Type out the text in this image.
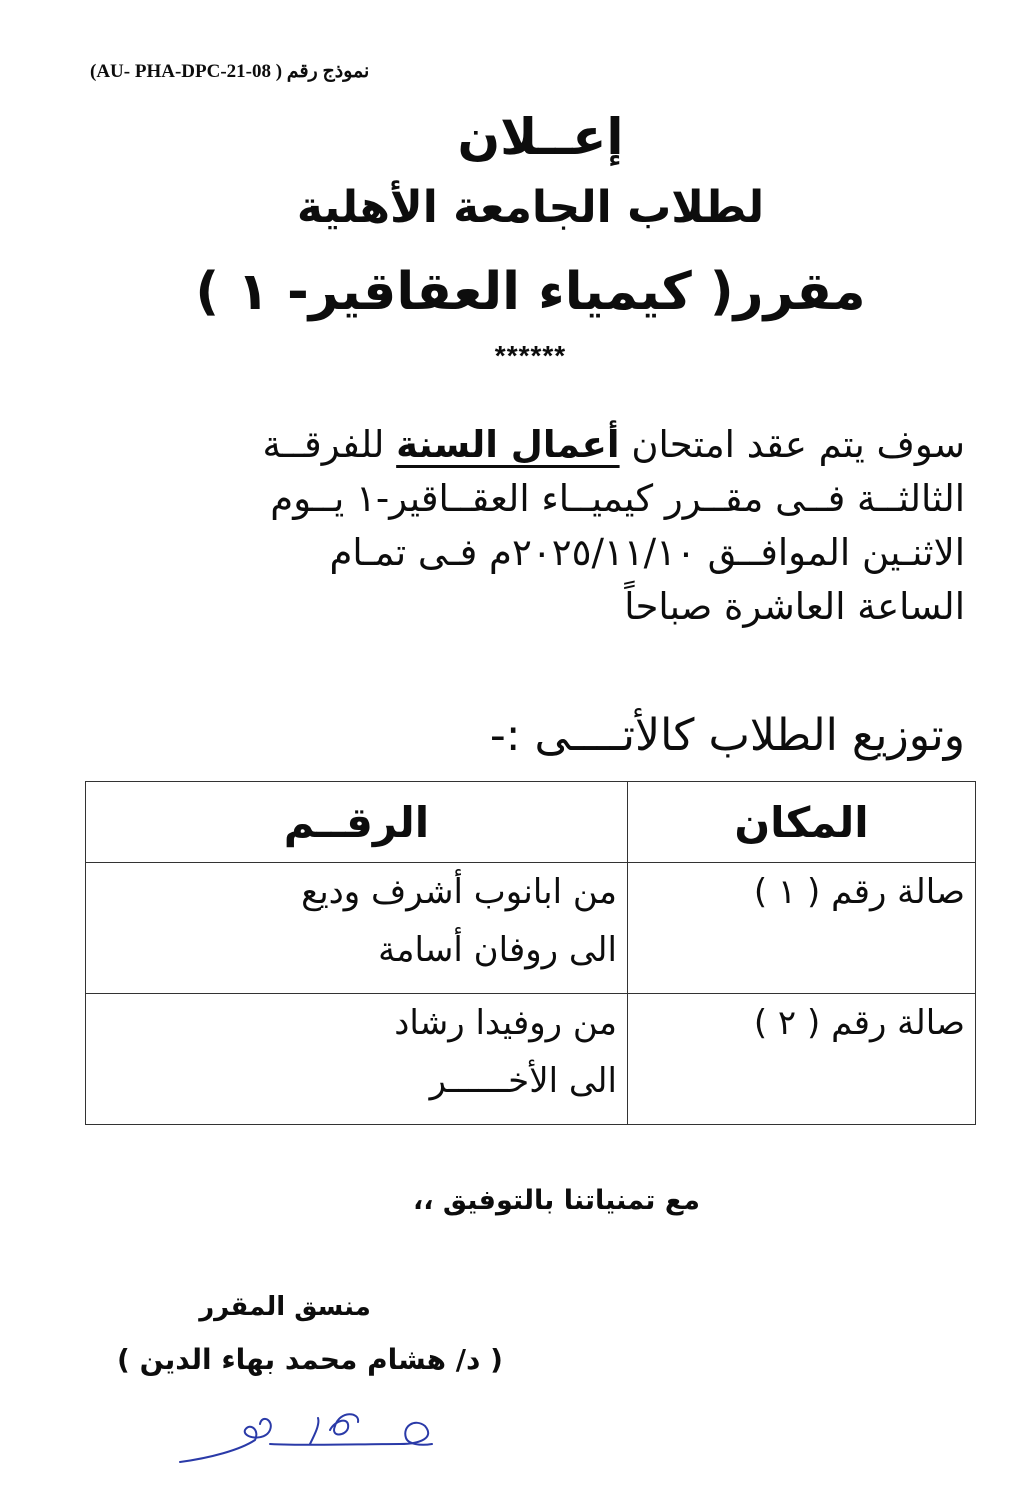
نموذج رقم ( AU- PHA-DPC-21-08)
إعــلان
لطلاب الجامعة الأهلية
مقرر( كيمياء العقاقير- ١ )
******
سوف يتم عقد امتحان أعمال السنة للفرقــة
الثالثــة فــى مقــرر كيميــاء العقــاقير-١ يــوم
الاثنـين الموافــق ٢٠٢٥/١١/١٠م فـى تمـام
الساعة العاشرة صباحاً
وتوزيع الطلاب كالأتــــى :-
المكان	الرقــم
صالة رقم ( ١ )	من ابانوب أشرف وديع
الى روفان أسامة

صالة رقم ( ٢ )	من روفيدا رشاد
الى الأخــــــر
مع تمنياتنا بالتوفيق ،،
منسق المقرر
( د/ هشام محمد بهاء الدين )
